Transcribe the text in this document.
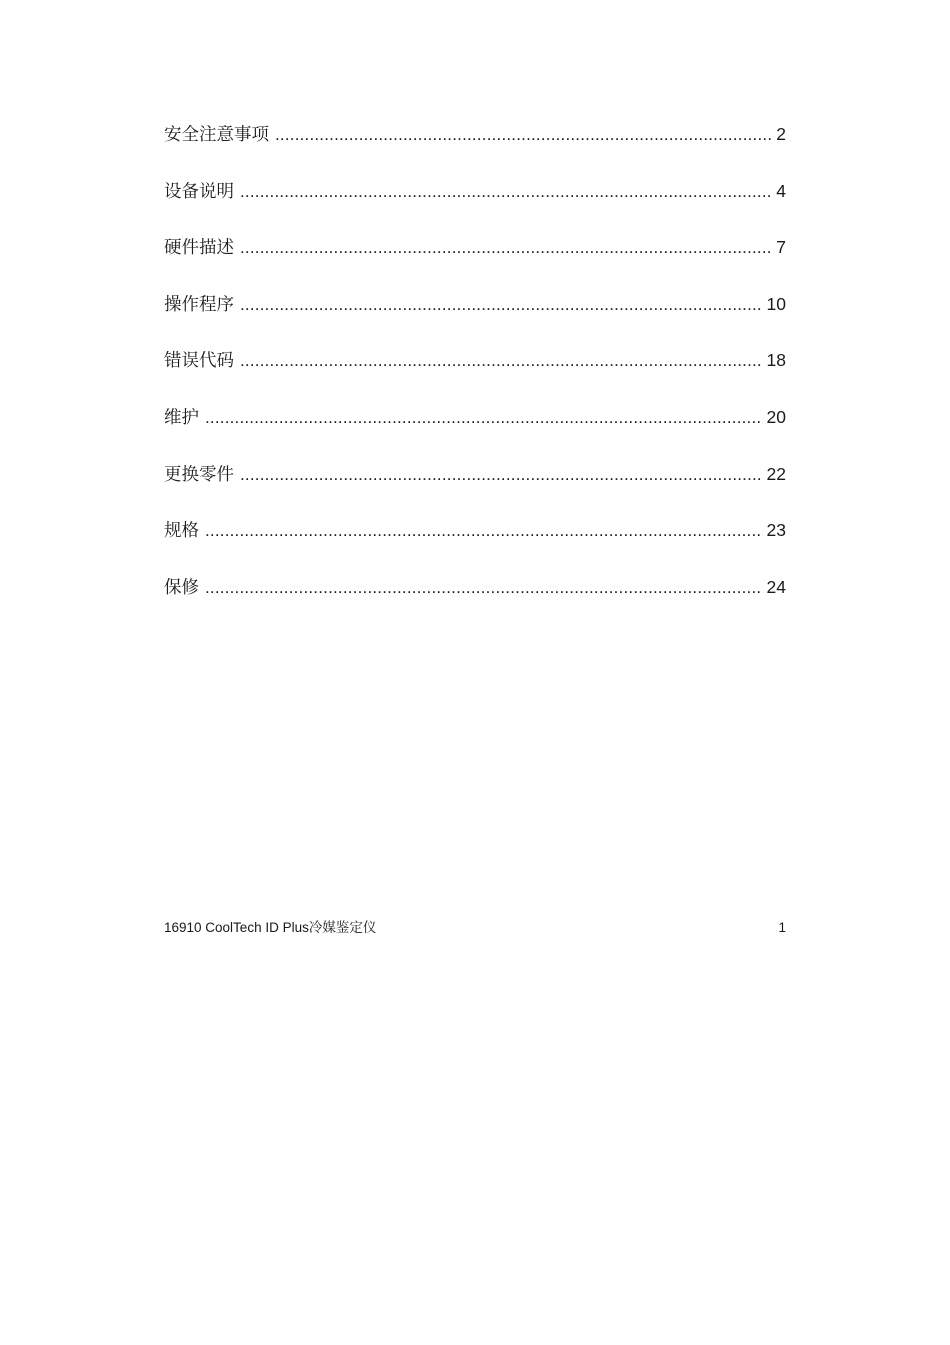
安全注意事项 .....	2
设备说明 .....	4
硬件描述 .....	7
操作程序 .....	10
错误代码 .....	18
维护 .....	20
更换零件 .....	22
规格 .....	23
保修 .....	24
16910 CoolTech ID Plus冷媒鉴定仪	1
